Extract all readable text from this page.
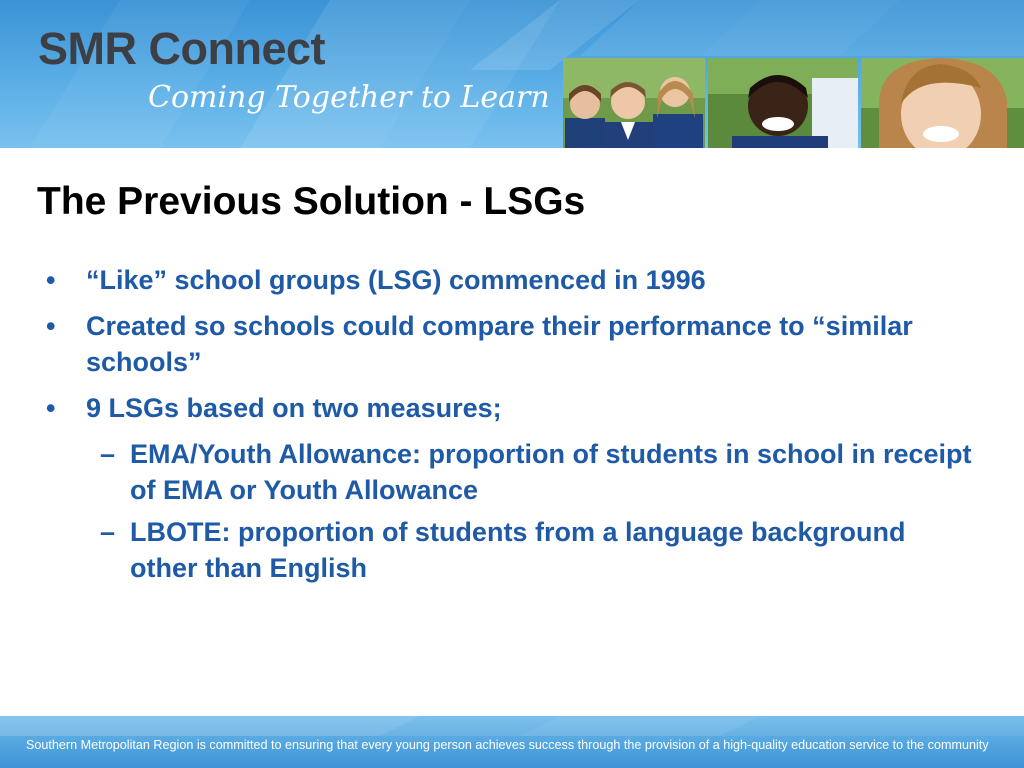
SMR Connect

Coming Together to Learn

The Previous Solution - LSGs

• “Like” school groups (LSG) commenced in 1996

• Created so schools could compare their performance to “similar schools”

• 9 LSGs based on two measures;

– EMA/Youth Allowance: proportion of students in school in receipt of EMA or Youth Allowance

– LBOTE: proportion of students from a language background other than English

Southern Metropolitan Region is committed to ensuring that every young person achieves success through the provision of a high-quality education service to the community
